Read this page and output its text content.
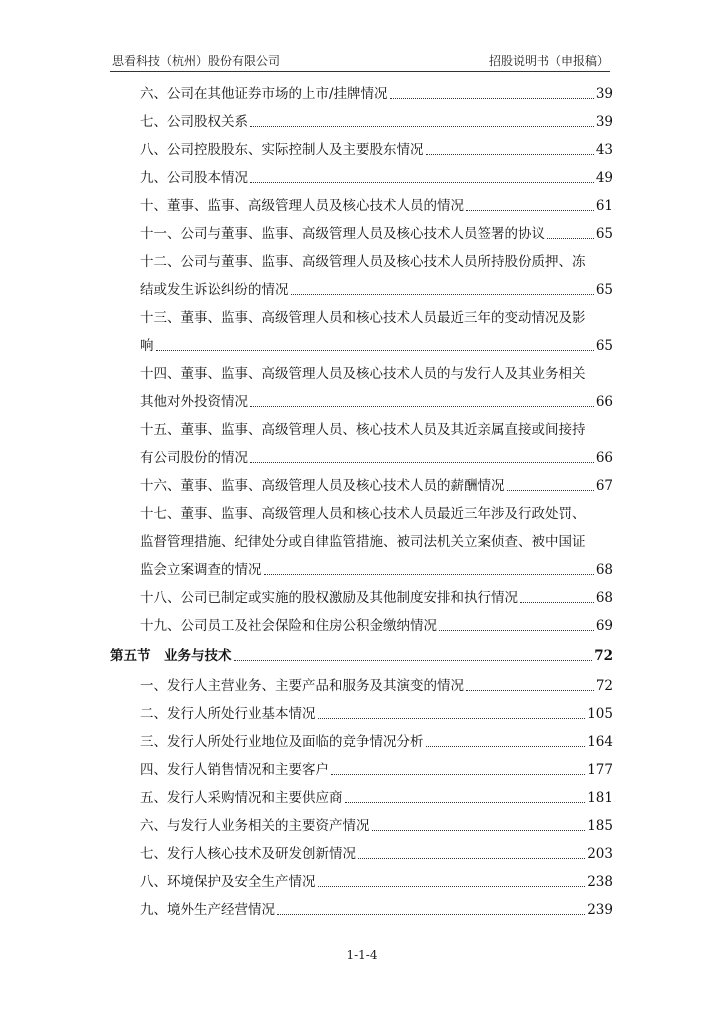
思看科技（杭州）股份有限公司	招股说明书（申报稿）
六、公司在其他证券市场的上市/挂牌情况	39
七、公司股权关系	39
八、公司控股股东、实际控制人及主要股东情况	43
九、公司股本情况	49
十、董事、监事、高级管理人员及核心技术人员的情况	61
十一、公司与董事、监事、高级管理人员及核心技术人员签署的协议	65
十二、公司与董事、监事、高级管理人员及核心技术人员所持股份质押、冻
结或发生诉讼纠纷的情况	65
十三、董事、监事、高级管理人员和核心技术人员最近三年的变动情况及影
响	65
十四、董事、监事、高级管理人员及核心技术人员的与发行人及其业务相关
其他对外投资情况	66
十五、董事、监事、高级管理人员、核心技术人员及其近亲属直接或间接持
有公司股份的情况	66
十六、董事、监事、高级管理人员及核心技术人员的薪酬情况	67
十七、董事、监事、高级管理人员和核心技术人员最近三年涉及行政处罚、
监督管理措施、纪律处分或自律监管措施、被司法机关立案侦查、被中国证
监会立案调查的情况	68
十八、公司已制定或实施的股权激励及其他制度安排和执行情况	68
十九、公司员工及社会保险和住房公积金缴纳情况	69
第五节　业务与技术	72
一、发行人主营业务、主要产品和服务及其演变的情况	72
二、发行人所处行业基本情况	105
三、发行人所处行业地位及面临的竞争情况分析	164
四、发行人销售情况和主要客户	177
五、发行人采购情况和主要供应商	181
六、与发行人业务相关的主要资产情况	185
七、发行人核心技术及研发创新情况	203
八、环境保护及安全生产情况	238
九、境外生产经营情况	239
1-1-4
